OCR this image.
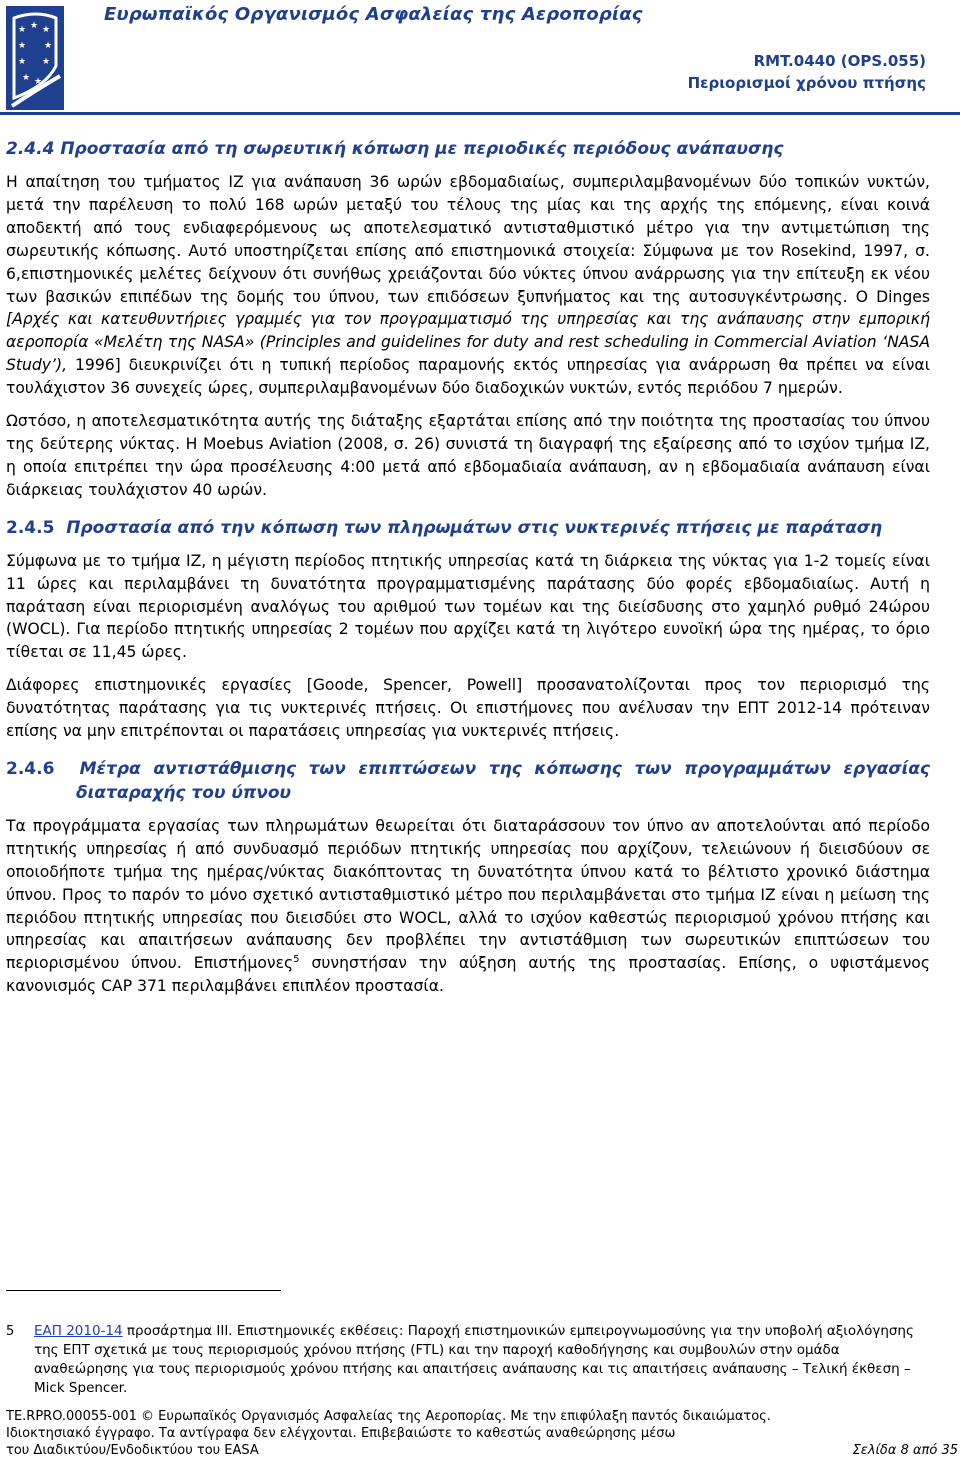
Ευρωπαϊκός Οργανισμός Ασφαλείας της Αεροπορίας
★ ★ ★
★ ★
★ ★
★ ★
RMT.0440 (OPS.055)
Περιορισμοί χρόνου πτήσης
2.4.4 Προστασία από τη σωρευτική κόπωση με περιοδικές περιόδους ανάπαυσης

Η απαίτηση του τμήματος ΙΖ για ανάπαυση 36 ωρών εβδομαδιαίως, συμπεριλαμβανομένων δύο τοπικών νυκτών, μετά την παρέλευση το πολύ 168 ωρών μεταξύ του τέλους της μίας και της αρχής της επόμενης, είναι κοινά αποδεκτή από τους ενδιαφερόμενους ως αποτελεσματικό αντισταθμιστικό μέτρο για την αντιμετώπιση της σωρευτικής κόπωσης. Αυτό υποστηρίζεται επίσης από επιστημονικά στοιχεία: Σύμφωνα με τον Rosekind, 1997, σ. 6,επιστημονικές μελέτες δείχνουν ότι συνήθως χρειάζονται δύο νύκτες ύπνου ανάρρωσης για την επίτευξη εκ νέου των βασικών επιπέδων της δομής του ύπνου, των επιδόσεων ξυπνήματος και της αυτοσυγκέντρωσης. Ο Dinges [Αρχές και κατευθυντήριες γραμμές για τον προγραμματισμό της υπηρεσίας και της ανάπαυσης στην εμπορική αεροπορία «Μελέτη της NASA» (Principles and guidelines for duty and rest scheduling in Commercial Aviation ‘NASA Study’), 1996] διευκρινίζει ότι η τυπική περίοδος παραμονής εκτός υπηρεσίας για ανάρρωση θα πρέπει να είναι τουλάχιστον 36 συνεχείς ώρες, συμπεριλαμβανομένων δύο διαδοχικών νυκτών, εντός περιόδου 7 ημερών.

Ωστόσο, η αποτελεσματικότητα αυτής της διάταξης εξαρτάται επίσης από την ποιότητα της προστασίας του ύπνου της δεύτερης νύκτας. Η Moebus Aviation (2008, σ. 26) συνιστά τη διαγραφή της εξαίρεσης από το ισχύον τμήμα ΙΖ, η οποία επιτρέπει την ώρα προσέλευσης 4:00 μετά από εβδομαδιαία ανάπαυση, αν η εβδομαδιαία ανάπαυση είναι διάρκειας τουλάχιστον 40 ωρών.

2.4.5 Προστασία από την κόπωση των πληρωμάτων στις νυκτερινές πτήσεις με παράταση

Σύμφωνα με το τμήμα ΙΖ, η μέγιστη περίοδος πτητικής υπηρεσίας κατά τη διάρκεια της νύκτας για 1-2 τομείς είναι 11 ώρες και περιλαμβάνει τη δυνατότητα προγραμματισμένης παράτασης δύο φορές εβδομαδιαίως. Αυτή η παράταση είναι περιορισμένη αναλόγως του αριθμού των τομέων και της διείσδυσης στο χαμηλό ρυθμό 24ώρου (WOCL). Για περίοδο πτητικής υπηρεσίας 2 τομέων που αρχίζει κατά τη λιγότερο ευνοϊκή ώρα της ημέρας, το όριο τίθεται σε 11,45 ώρες.

Διάφορες επιστημονικές εργασίες [Goode, Spencer, Powell] προσανατολίζονται προς τον περιορισμό της δυνατότητας παράτασης για τις νυκτερινές πτήσεις. Οι επιστήμονες που ανέλυσαν την ΕΠΤ 2012-14 πρότειναν επίσης να μην επιτρέπονται οι παρατάσεις υπηρεσίας για νυκτερινές πτήσεις.

2.4.6 Μέτρα αντιστάθμισης των επιπτώσεων της κόπωσης των προγραμμάτων εργασίας διαταραχής του ύπνου

Τα προγράμματα εργασίας των πληρωμάτων θεωρείται ότι διαταράσσουν τον ύπνο αν αποτελούνται από περίοδο πτητικής υπηρεσίας ή από συνδυασμό περιόδων πτητικής υπηρεσίας που αρχίζουν, τελειώνουν ή διεισδύουν σε οποιοδήποτε τμήμα της ημέρας/νύκτας διακόπτοντας τη δυνατότητα ύπνου κατά το βέλτιστο χρονικό διάστημα ύπνου. Προς το παρόν το μόνο σχετικό αντισταθμιστικό μέτρο που περιλαμβάνεται στο τμήμα ΙΖ είναι η μείωση της περιόδου πτητικής υπηρεσίας που διεισδύει στο WOCL, αλλά το ισχύον καθεστώς περιορισμού χρόνου πτήσης και υπηρεσίας και απαιτήσεων ανάπαυσης δεν προβλέπει την αντιστάθμιση των σωρευτικών επιπτώσεων του περιορισμένου ύπνου. Επιστήμονες$^5$ συνηστήσαν την αύξηση αυτής της προστασίας. Επίσης, ο υφιστάμενος κανονισμός CAP 371 περιλαμβάνει επιπλέον προστασία.

5 ΕΑΠ 2010-14 προσάρτημα ΙΙΙ. Επιστημονικές εκθέσεις: Παροχή επιστημονικών εμπειρογνωμοσύνης για την υποβολή αξιολόγησης της ΕΠΤ σχετικά με τους περιορισμούς χρόνου πτήσης (FTL) και την παροχή καθοδήγησης και συμβουλών στην ομάδα αναθεώρησης για τους περιορισμούς χρόνου πτήσης και απαιτήσεις ανάπαυσης και τις απαιτήσεις ανάπαυσης – Τελική έκθεση – Mick Spencer.
TE.RPRO.00055-001 © Ευρωπαϊκός Οργανισμός Ασφαλείας της Αεροπορίας. Με την επιφύλαξη παντός δικαιώματος.
Ιδιοκτησιακό έγγραφο. Τα αντίγραφα δεν ελέγχονται. Επιβεβαιώστε το καθεστώς αναθεώρησης μέσω
του Διαδικτύου/Ενδοδικτύου του EASA	Σελίδα 8 από 35
